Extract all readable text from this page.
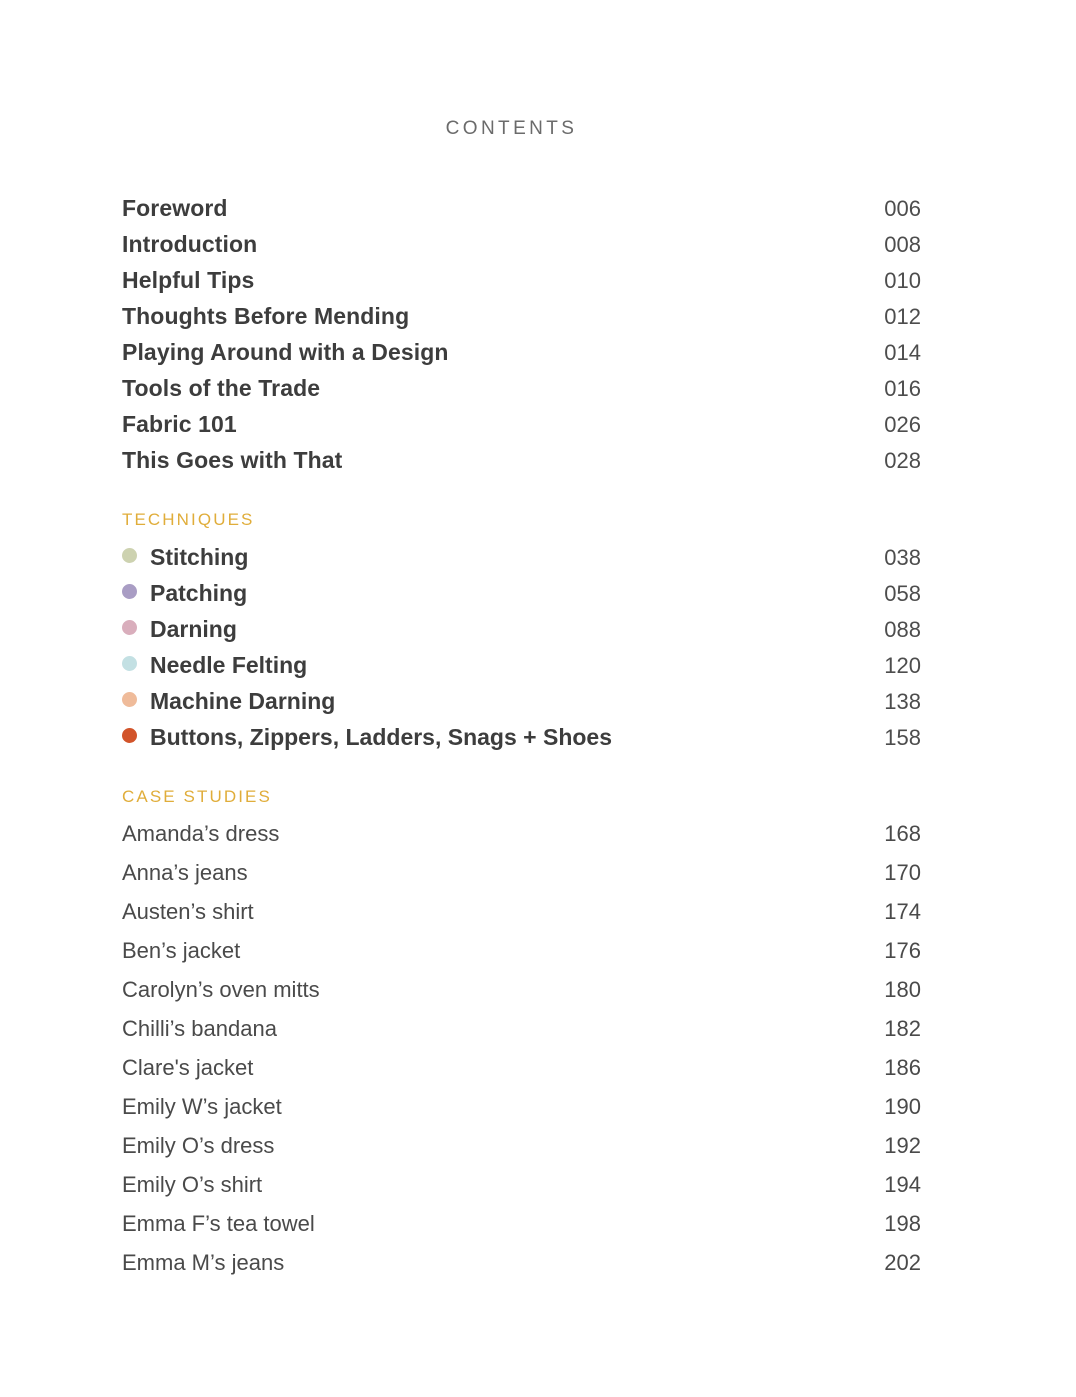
CONTENTS
Foreword	006
Introduction	008
Helpful Tips	010
Thoughts Before Mending	012
Playing Around with a Design	014
Tools of the Trade	016
Fabric 101	026
This Goes with That	028
TECHNIQUES
Stitching	038
Patching	058
Darning	088
Needle Felting	120
Machine Darning	138
Buttons, Zippers, Ladders, Snags + Shoes	158
CASE STUDIES
Amanda’s dress	168
Anna’s jeans	170
Austen’s shirt	174
Ben’s jacket	176
Carolyn’s oven mitts	180
Chilli’s bandana	182
Clare's jacket	186
Emily W’s jacket	190
Emily O’s dress	192
Emily O’s shirt	194
Emma F’s tea towel	198
Emma M’s jeans	202
